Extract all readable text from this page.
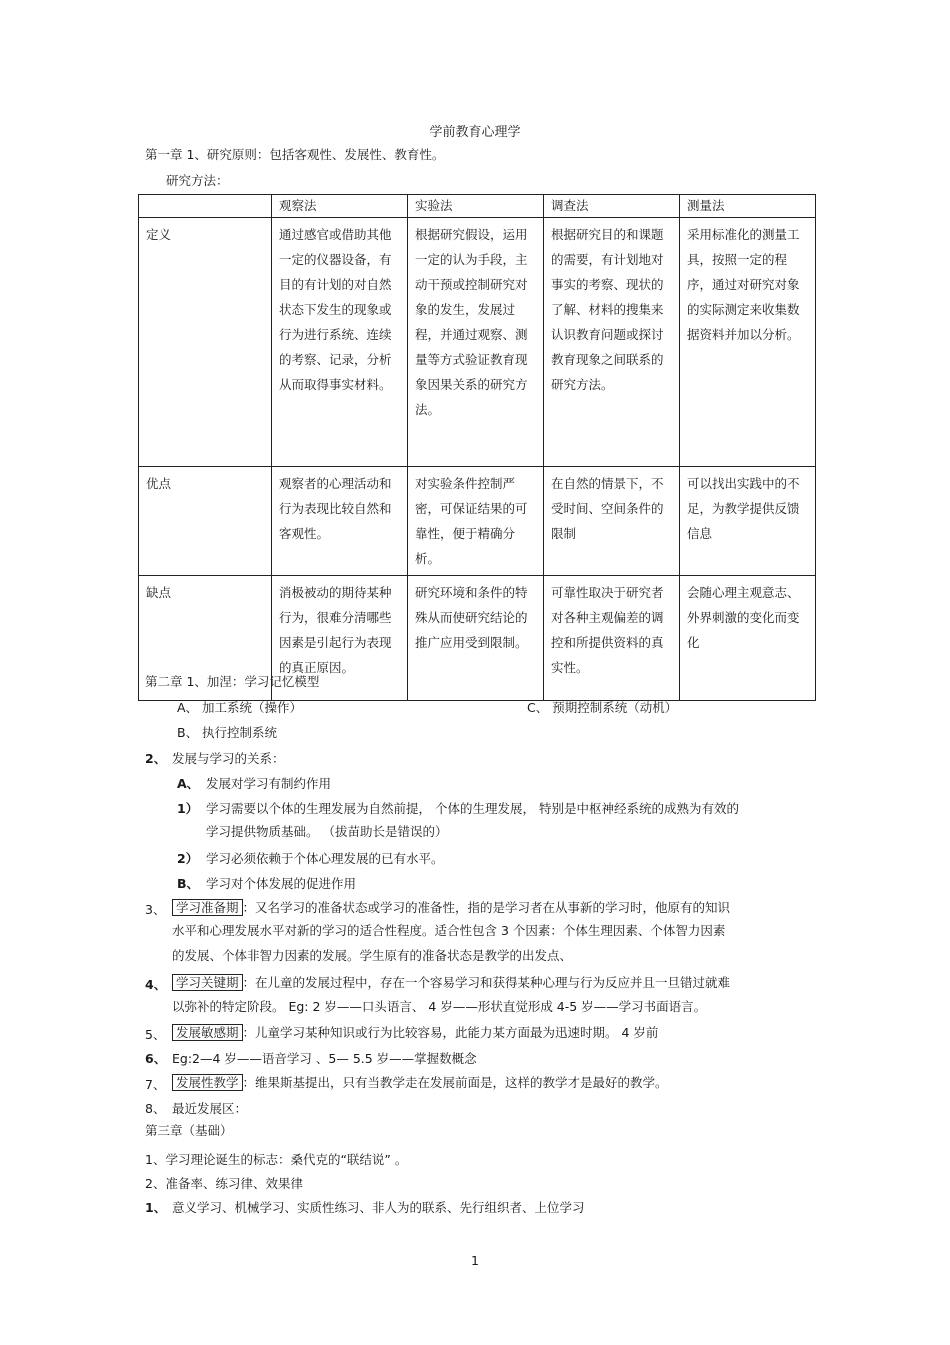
学前教育心理学
第一章 1、研究原则：包括客观性、发展性、教育性。
研究方法：
	观察法	实验法	调查法	测量法
定义	通过感官或借助其他一定的仪器设备，有目的有计划的对自然状态下发生的现象或行为进行系统、连续的考察、记录，分析从而取得事实材料。	根据研究假设，运用一定的认为手段，主动干预或控制研究对象的发生，发展过程，并通过观察、测量等方式验证教育现象因果关系的研究方法。	根据研究目的和课题的需要，有计划地对事实的考察、现状的了解、材料的搜集来认识教育问题或探讨教育现象之间联系的研究方法。	采用标准化的测量工具，按照一定的程序，通过对研究对象的实际测定来收集数据资料并加以分析。
优点	观察者的心理活动和行为表现比较自然和客观性。	对实验条件控制严密，可保证结果的可靠性，便于精确分析。	在自然的情景下，不受时间、空间条件的限制	可以找出实践中的不足，为教学提供反馈信息
缺点	消极被动的期待某种行为，很难分清哪些因素是引起行为表现的真正原因。	研究环境和条件的特殊从而使研究结论的推广应用受到限制。	可靠性取决于研究者对各种主观偏差的调控和所提供资料的真实性。	会随心理主观意志、外界刺激的变化而变化
第二章 1、加涅：学习记忆模型
A、 加工系统（操作）	C、 预期控制系统（动机）
B、 执行控制系统
2、 发展与学习的关系：
A、 发展对学习有制约作用
1） 学习需要以个体的生理发展为自然前提， 个体的生理发展， 特别是中枢神经系统的成熟为有效的
学习提供物质基础。 （拔苗助长是错误的）
2） 学习必须依赖于个体心理发展的已有水平。
B、 学习对个体发展的促进作用
3、 学习准备期 ：又名学习的准备状态或学习的准备性，指的是学习者在从事新的学习时，他原有的知识
水平和心理发展水平对新的学习的适合性程度。适合性包含 3 个因素：个体生理因素、个体智力因素
的发展、个体非智力因素的发展。学生原有的准备状态是教学的出发点、
4、 学习关键期 ：在儿童的发展过程中，存在一个容易学习和获得某种心理与行为反应并且一旦错过就难
以弥补的特定阶段。 Eg: 2 岁——口头语言、 4 岁——形状直觉形成 4-5 岁——学习书面语言。
5、 发展敏感期 ：儿童学习某种知识或行为比较容易，此能力某方面最为迅速时期。 4 岁前
6、 Eg:2—4 岁——语音学习 、5— 5.5 岁——掌握数概念
7、 发展性教学 ：维果斯基提出，只有当教学走在发展前面是，这样的教学才是最好的教学。
8、 最近发展区：
第三章（基础）
1、学习理论诞生的标志：桑代克的“联结说” 。
2、准备率、练习律、效果律
1、 意义学习、机械学习、实质性练习、非人为的联系、先行组织者、上位学习
1
